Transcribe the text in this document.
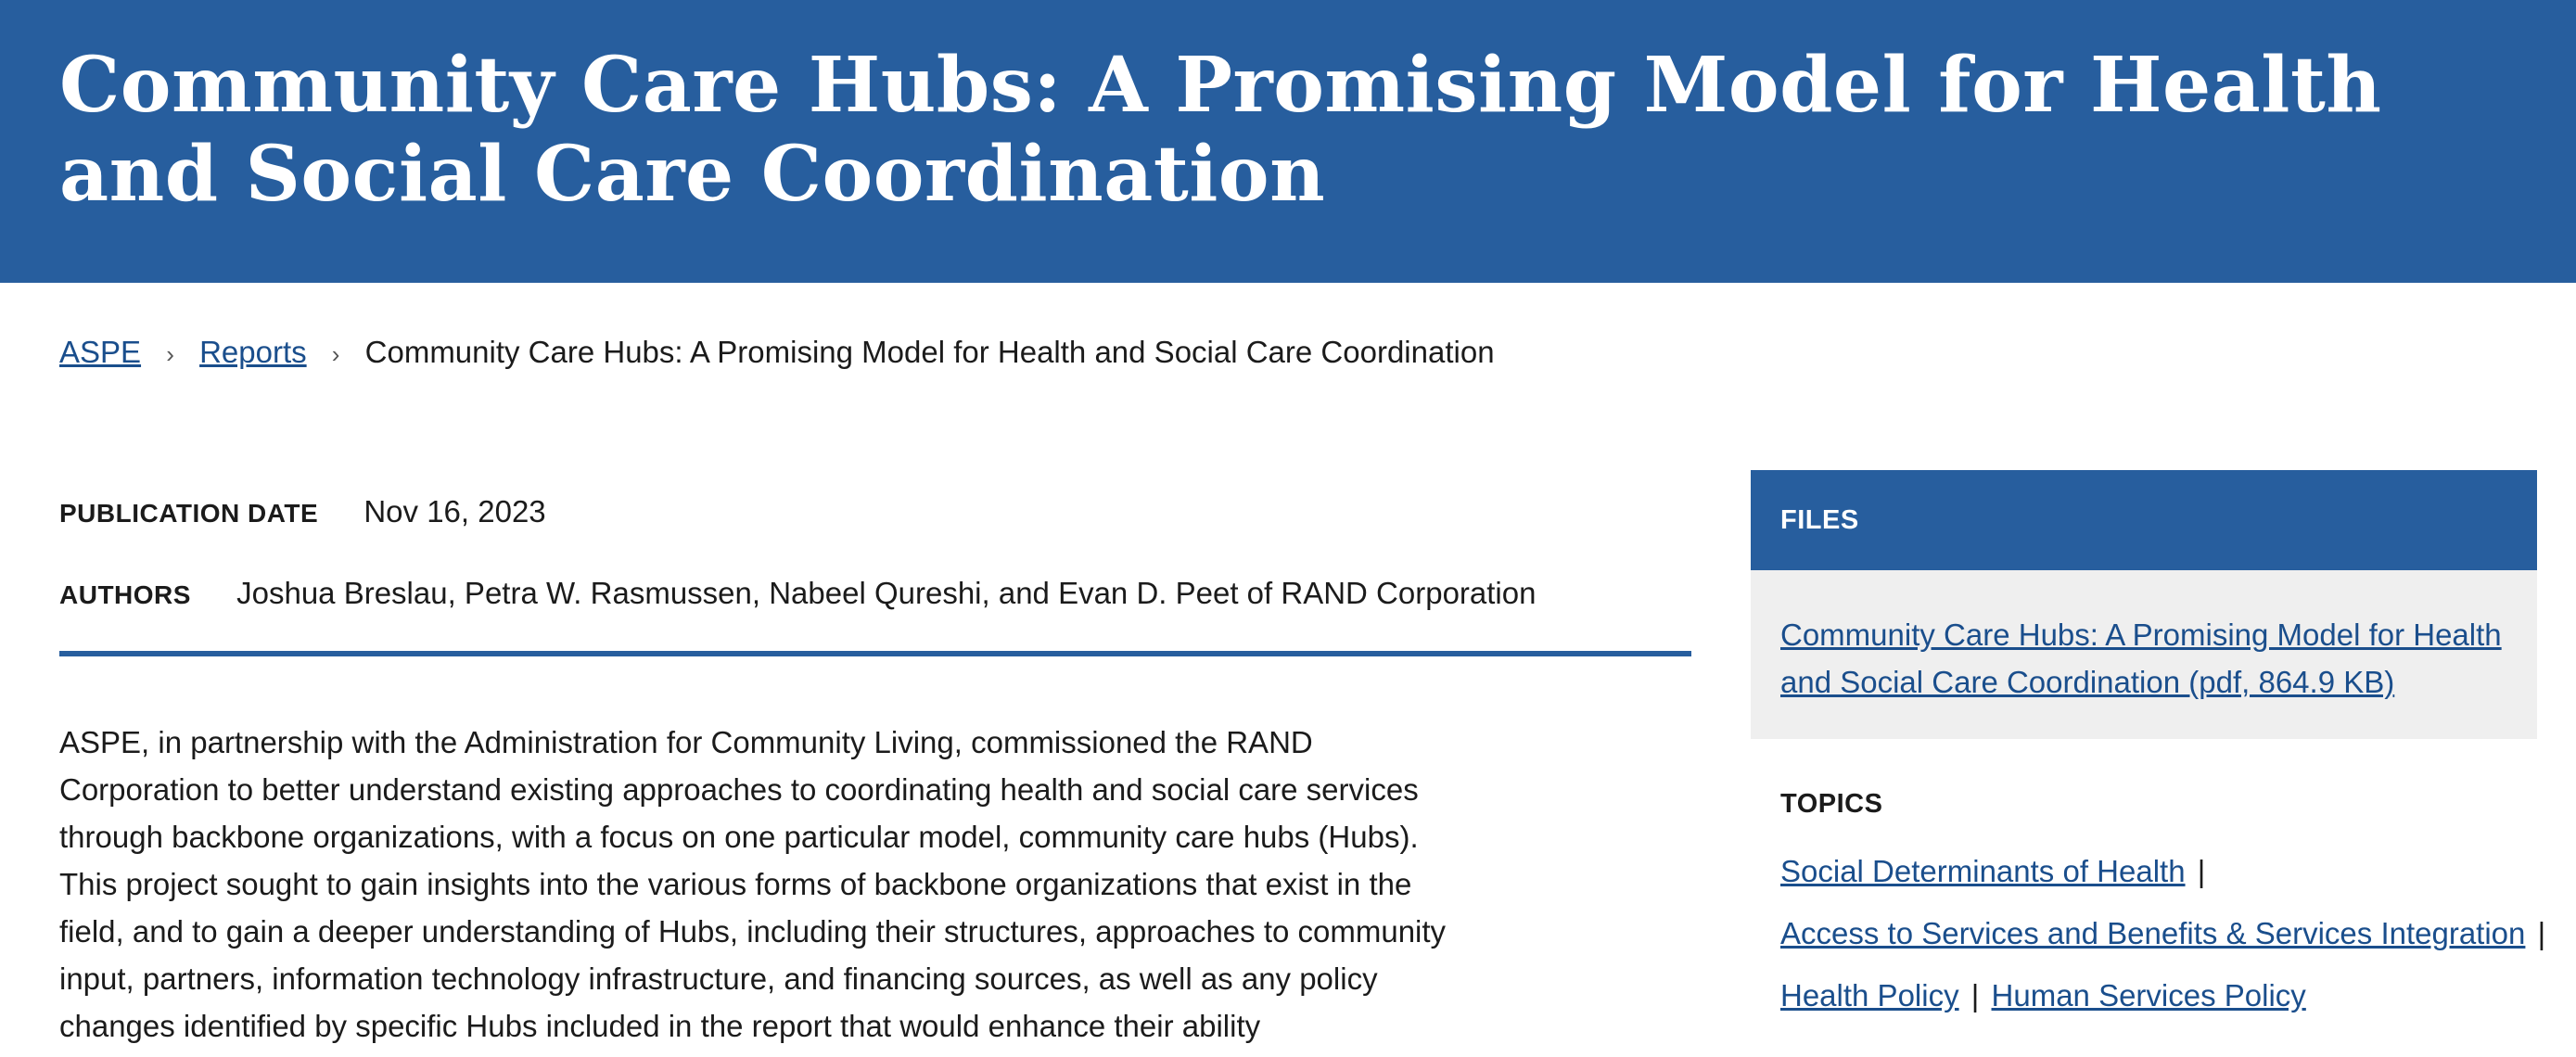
Community Care Hubs: A Promising Model for Health and Social Care Coordination
ASPE › Reports › Community Care Hubs: A Promising Model for Health and Social Care Coordination
PUBLICATION DATE Nov 16, 2023
AUTHORS Joshua Breslau, Petra W. Rasmussen, Nabeel Qureshi, and Evan D. Peet of RAND Corporation

ASPE, in partnership with the Administration for Community Living, commissioned the RAND Corporation to better understand existing approaches to coordinating health and social care services through backbone organizations, with a focus on one particular model, community care hubs (Hubs). This project sought to gain insights into the various forms of backbone organizations that exist in the field, and to gain a deeper understanding of Hubs, including their structures, approaches to community input, partners, information technology infrastructure, and financing sources, as well as any policy changes identified by specific Hubs included in the report that would enhance their ability

FILES
Community Care Hubs: A Promising Model for Health and Social Care Coordination (pdf, 864.9 KB)
TOPICS
Social Determinants of Health |
Access to Services and Benefits & Services Integration |
Health Policy | Human Services Policy
